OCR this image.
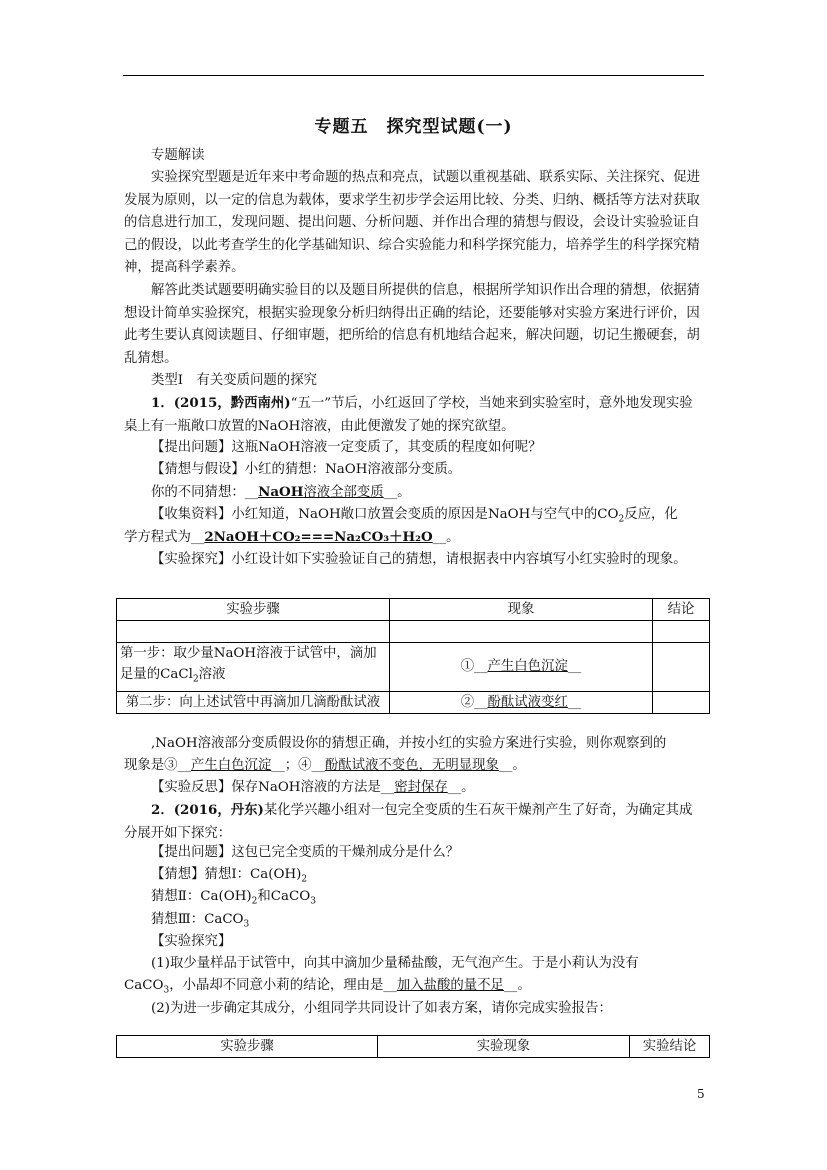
专题五　探究型试题(一)

专题解读

实验探究型题是近年来中考命题的热点和亮点，试题以重视基础、联系实际、关注探究、促进发展为原则，以一定的信息为载体，要求学生初步学会运用比较、分类、归纳、概括等方法对获取的信息进行加工，发现问题、提出问题、分析问题、并作出合理的猜想与假设，会设计实验验证自己的假设，以此考查学生的化学基础知识、综合实验能力和科学探究能力，培养学生的科学探究精神，提高科学素养。

解答此类试题要明确实验目的以及题目所提供的信息，根据所学知识作出合理的猜想，依据猜想设计简单实验探究，根据实验现象分析归纳得出正确的结论，还要能够对实验方案进行评价，因此考生要认真阅读题目、仔细审题，把所给的信息有机地结合起来，解决问题，切记生搬硬套，胡乱猜想。

类型Ⅰ　有关变质问题的探究

1．(2015，黔西南州)“五一”节后，小红返回了学校，当她来到实验室时，意外地发现实验桌上有一瓶敞口放置的NaOH溶液，由此便激发了她的探究欲望。

【提出问题】这瓶NaOH溶液一定变质了，其变质的程度如何呢？

【猜想与假设】小红的猜想：NaOH溶液部分变质。

你的不同猜想：__NaOH溶液全部变质__。

【收集资料】小红知道，NaOH敞口放置会变质的原因是NaOH与空气中的$CO_2$反应，化

学方程式为__2NaOH＋CO₂===Na₂CO₃＋H₂O__。

【实验探究】小红设计如下实验验证自己的猜想，请根据表中内容填写小红实验时的现象。

实验步骤	现象	结论

第一步：取少量NaOH溶液于试管中，滴加足量的CaCl$_2$溶液	①__产生白色沉淀__	
第二步：向上述试管中再滴加几滴酚酞试液	②__酚酞试液变红__	

,NaOH溶液部分变质假设你的猜想正确，并按小红的实验方案进行实验，则你观察到的

现象是③__产生白色沉淀__；④__酚酞试液不变色，无明显现象__。

【实验反思】保存NaOH溶液的方法是__密封保存__。

2．(2016，丹东)某化学兴趣小组对一包完全变质的生石灰干燥剂产生了好奇，为确定其成分展开如下探究：

【提出问题】这包已完全变质的干燥剂成分是什么？

【猜想】猜想Ⅰ：$Ca(OH)_2$

猜想Ⅱ：$Ca(OH)_2$和CaCO$_3$

猜想Ⅲ：CaCO$_3$

【实验探究】

(1)取少量样品于试管中，向其中滴加少量稀盐酸，无气泡产生。于是小莉认为没有

CaCO$_3$，小晶却不同意小莉的结论，理由是__加入盐酸的量不足__。

(2)为进一步确定其成分，小组同学共同设计了如表方案，请你完成实验报告：

实验步骤	实验现象	实验结论
5
